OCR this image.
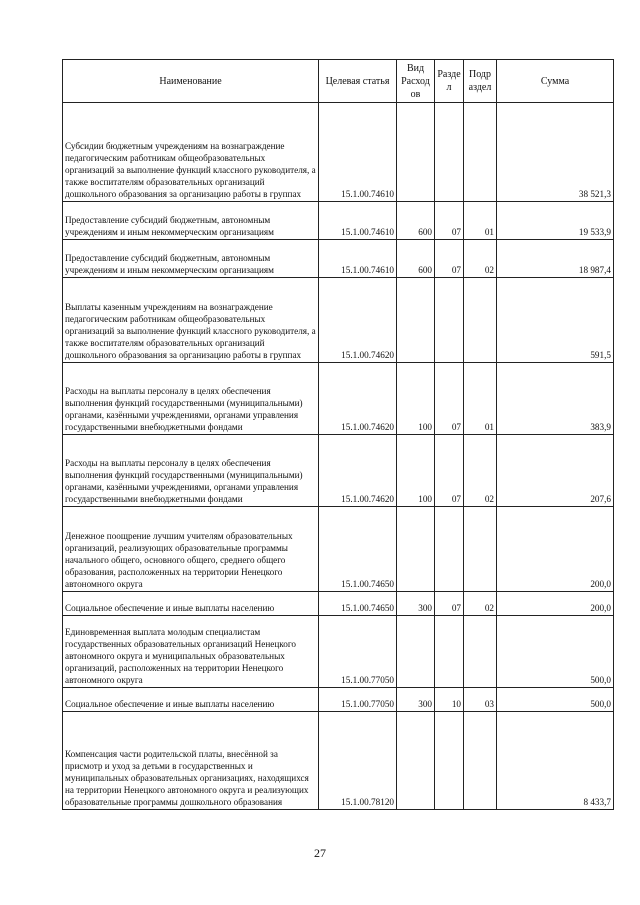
Наименование	Целевая статья	Вид Расход ов	Разде л	Подр аздел	Сумма
Субсидии бюджетным учреждениям на вознаграждение педагогическим работникам общеобразовательных организаций за выполнение функций классного руководителя, а также воспитателям образовательных организаций дошкольного образования за организацию работы в группах	15.1.00.74610				38 521,3
Предоставление субсидий бюджетным, автономным учреждениям и иным некоммерческим организациям	15.1.00.74610	600	07	01	19 533,9
Предоставление субсидий бюджетным, автономным учреждениям и иным некоммерческим организациям	15.1.00.74610	600	07	02	18 987,4
Выплаты казенным учреждениям на вознаграждение педагогическим работникам общеобразовательных организаций за выполнение функций классного руководителя, а также воспитателям образовательных организаций дошкольного образования за организацию работы в группах	15.1.00.74620				591,5
Расходы на выплаты персоналу в целях обеспечения выполнения функций государственными (муниципальными) органами, казёнными учреждениями, органами управления государственными внебюджетными фондами	15.1.00.74620	100	07	01	383,9
Расходы на выплаты персоналу в целях обеспечения выполнения функций государственными (муниципальными) органами, казёнными учреждениями, органами управления государственными внебюджетными фондами	15.1.00.74620	100	07	02	207,6
Денежное поощрение лучшим учителям образовательных организаций, реализующих образовательные программы начального общего, основного общего, среднего общего образования, расположенных на территории Ненецкого автономного округа	15.1.00.74650				200,0
Социальное обеспечение и иные выплаты населению	15.1.00.74650	300	07	02	200,0
Единовременная выплата молодым специалистам государственных образовательных организаций Ненецкого автономного округа и муниципальных образовательных организаций, расположенных на территории Ненецкого автономного округа	15.1.00.77050				500,0
Социальное обеспечение и иные выплаты населению	15.1.00.77050	300	10	03	500,0
Компенсация части родительской платы, внесённой за присмотр и уход за детьми в государственных и муниципальных образовательных организациях, находящихся на территории Ненецкого автономного округа и реализующих образовательные программы дошкольного образования	15.1.00.78120				8 433,7
27
